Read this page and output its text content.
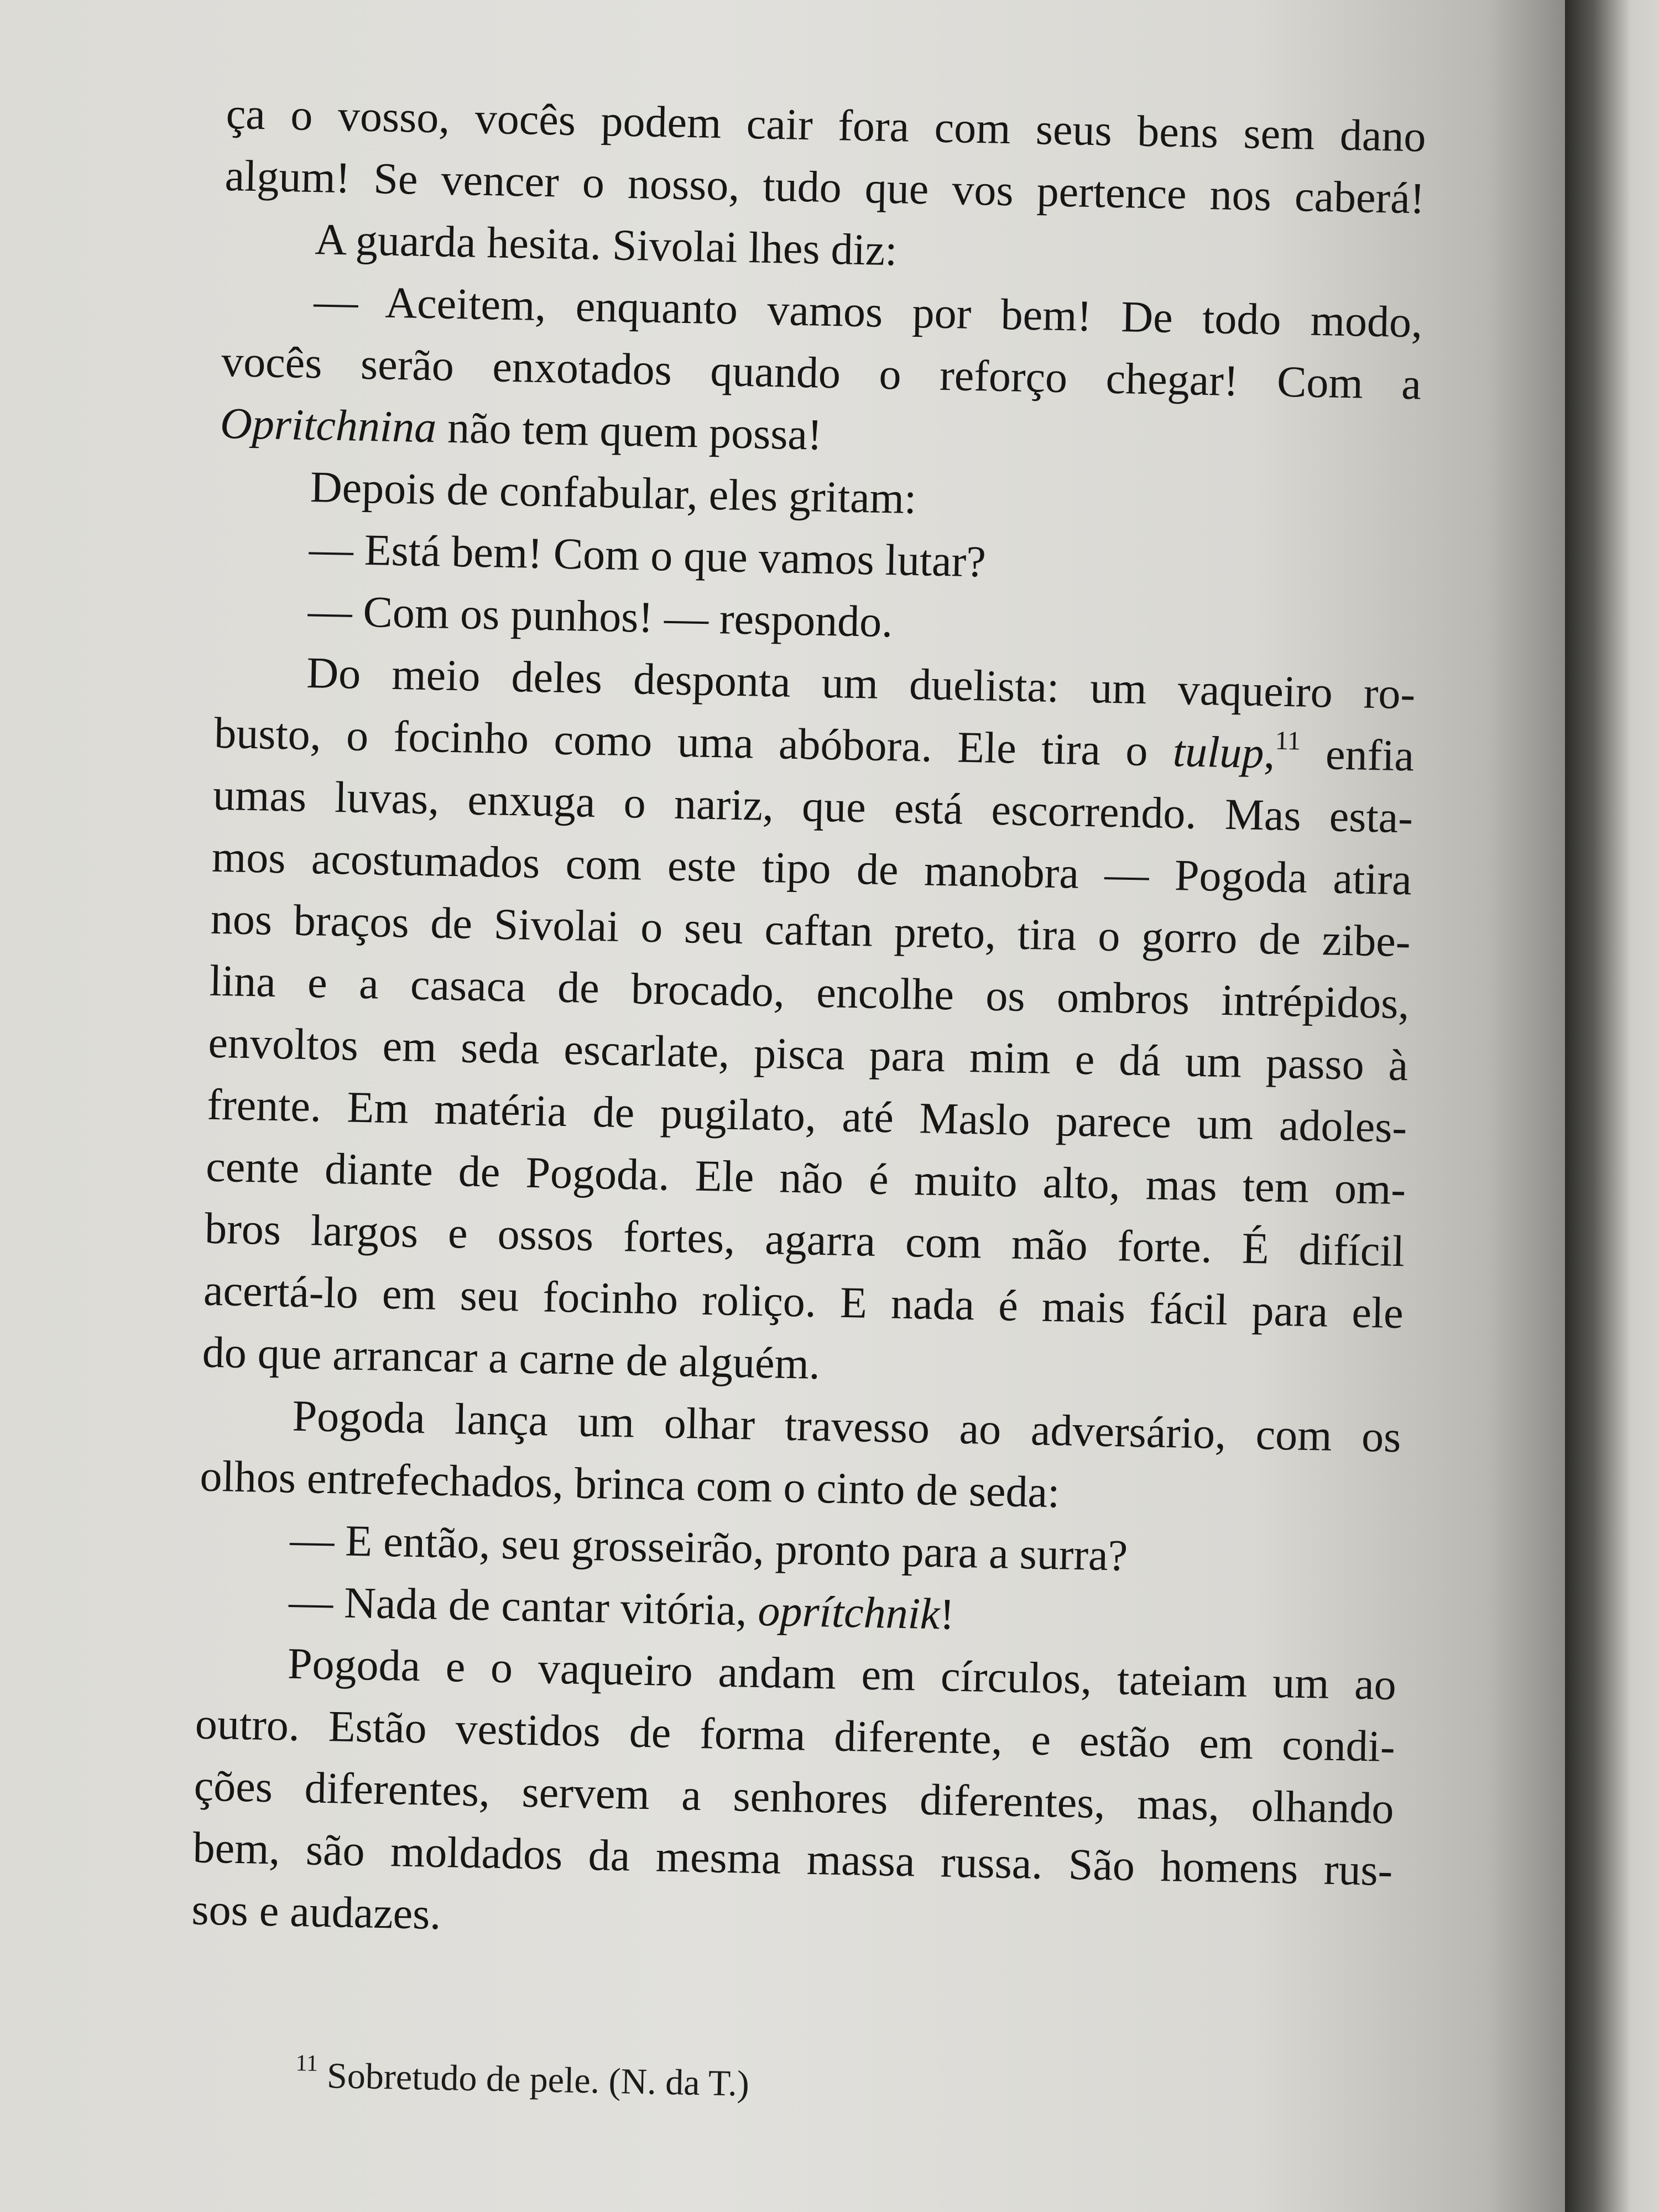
ça o vosso, vocês podem cair fora com seus bens sem dano

algum! Se vencer o nosso, tudo que vos pertence nos caberá!

A guarda hesita. Sivolai lhes diz:

— Aceitem, enquanto vamos por bem! De todo modo,

vocês serão enxotados quando o reforço chegar! Com a

Opritchnina não tem quem possa!

Depois de confabular, eles gritam:

— Está bem! Com o que vamos lutar?

— Com os punhos! — respondo.

Do meio deles desponta um duelista: um vaqueiro ro-

busto, o focinho como uma abóbora. Ele tira o tulup,$^{11}$ enfia

umas luvas, enxuga o nariz, que está escorrendo. Mas esta-

mos acostumados com este tipo de manobra — Pogoda atira

nos braços de Sivolai o seu caftan preto, tira o gorro de zibe-

lina e a casaca de brocado, encolhe os ombros intrépidos,

envoltos em seda escarlate, pisca para mim e dá um passo à

frente. Em matéria de pugilato, até Maslo parece um adoles-

cente diante de Pogoda. Ele não é muito alto, mas tem om-

bros largos e ossos fortes, agarra com mão forte. É difícil

acertá-lo em seu focinho roliço. E nada é mais fácil para ele

do que arrancar a carne de alguém.

Pogoda lança um olhar travesso ao adversário, com os

olhos entrefechados, brinca com o cinto de seda:

— E então, seu grosseirão, pronto para a surra?

— Nada de cantar vitória, oprítchnik!

Pogoda e o vaqueiro andam em círculos, tateiam um ao

outro. Estão vestidos de forma diferente, e estão em condi-

ções diferentes, servem a senhores diferentes, mas, olhando

bem, são moldados da mesma massa russa. São homens rus-

sos e audazes.

$^{11}$ Sobretudo de pele. (N. da T.)
